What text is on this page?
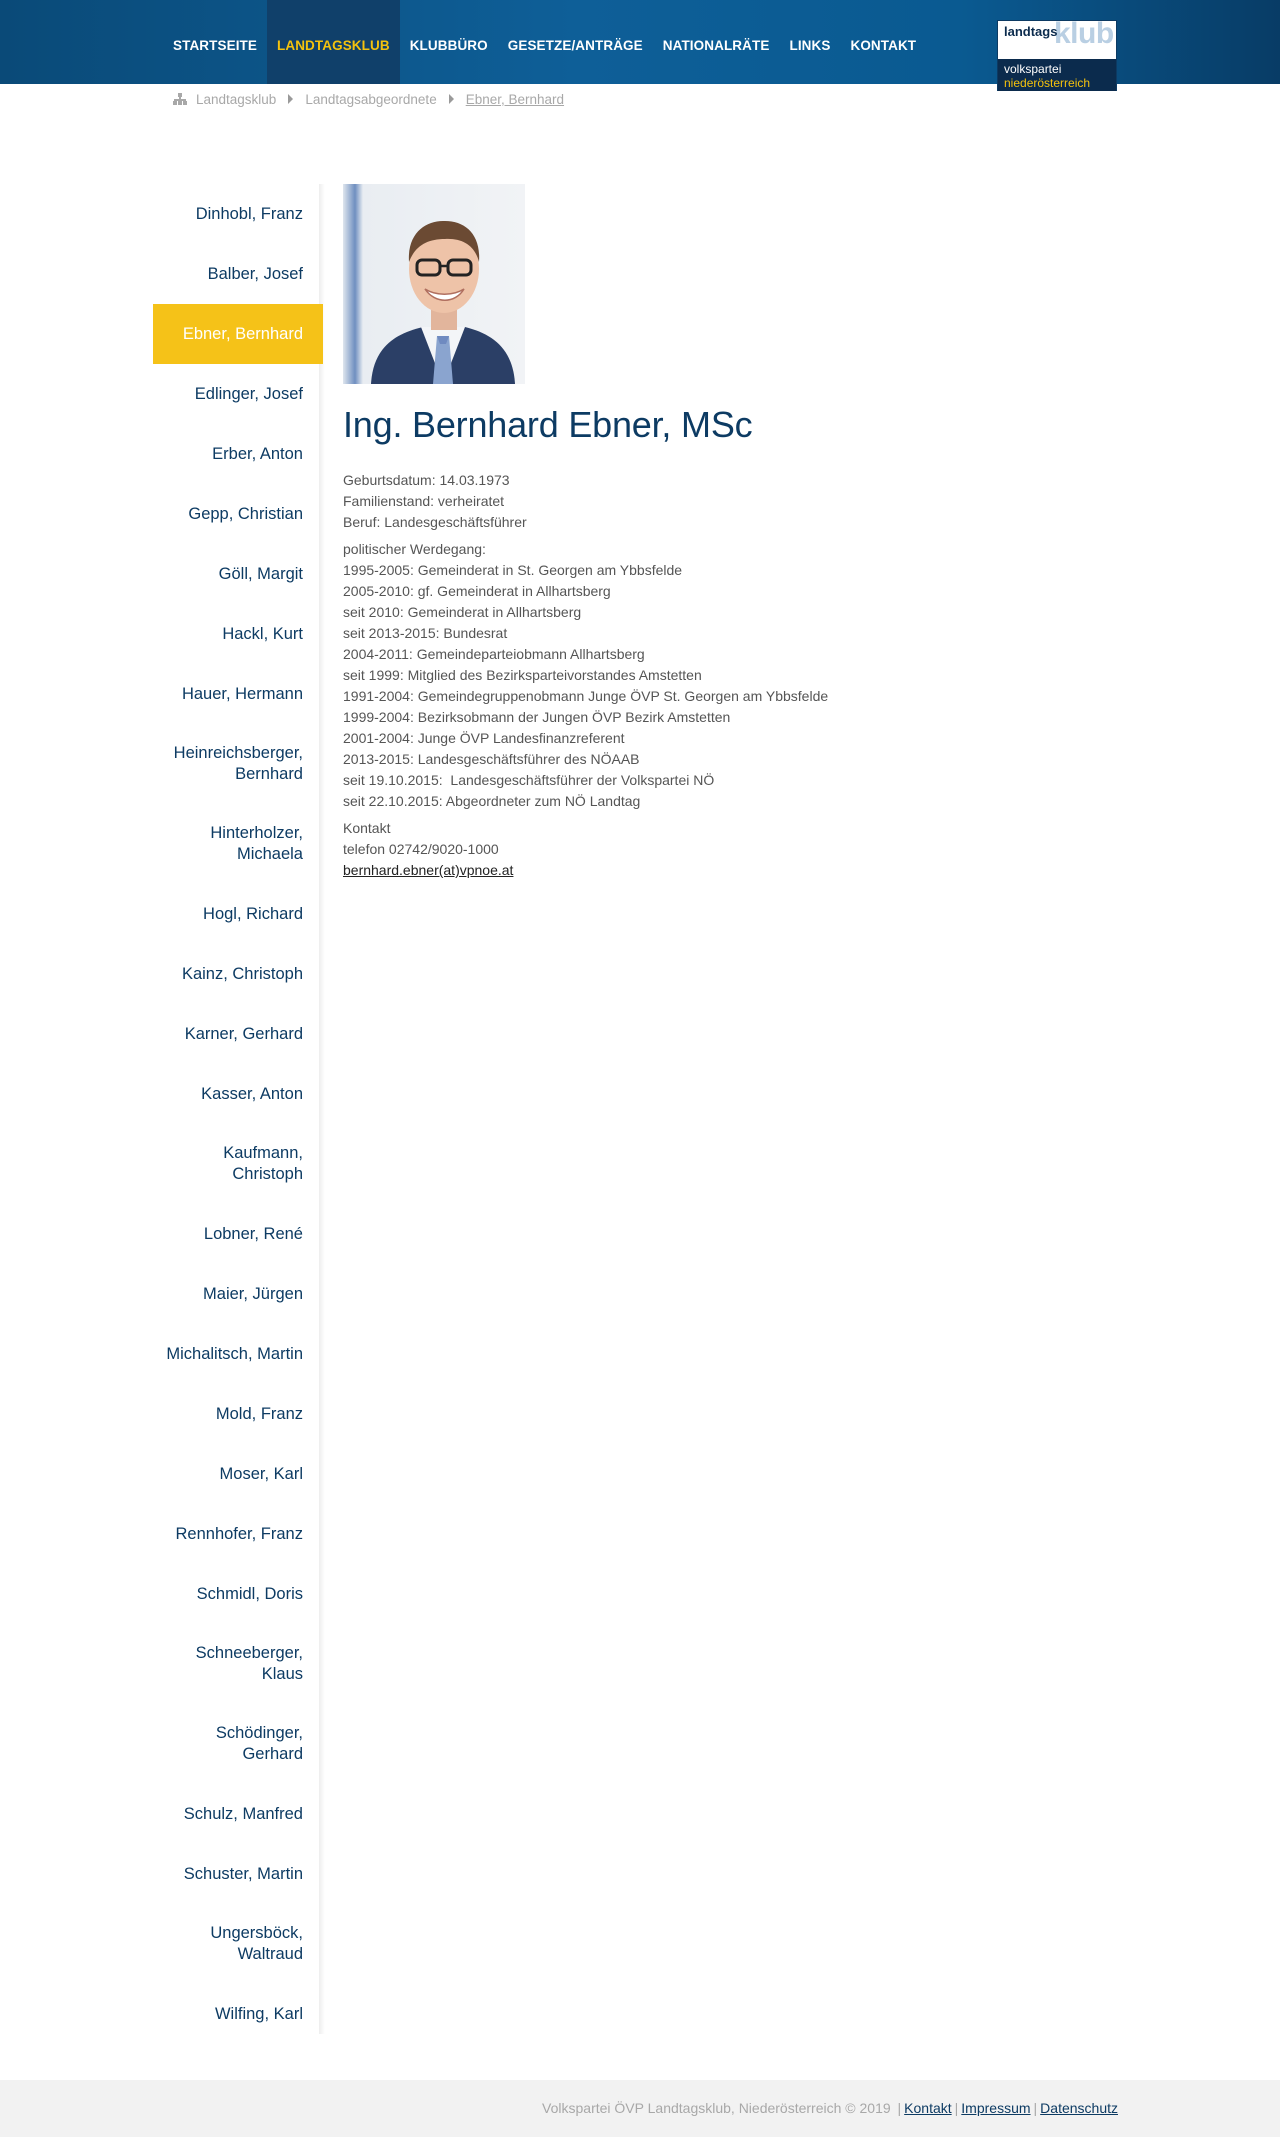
STARTSEITE	LANDTAGSKLUB	KLUBBÜRO	GESETZE/ANTRÄGE	NATIONALRÄTE	LINKS	KONTAKT	klub
landtags
volkspartei
niederösterreich
Landtagsklub Landtagsabgeordnete Ebner, Bernhard
Dinhobl, Franz
Balber, Josef
Ebner, Bernhard
Edlinger, Josef
Erber, Anton
Gepp, Christian
Göll, Margit
Hackl, Kurt
Hauer, Hermann
Heinreichsberger, Bernhard
Hinterholzer, Michaela
Hogl, Richard
Kainz, Christoph
Karner, Gerhard
Kasser, Anton
Kaufmann, Christoph
Lobner, René
Maier, Jürgen
Michalitsch, Martin
Mold, Franz
Moser, Karl
Rennhofer, Franz
Schmidl, Doris
Schneeberger, Klaus
Schödinger, Gerhard
Schulz, Manfred
Schuster, Martin
Ungersböck, Waltraud
Wilfing, Karl
Ing. Bernhard Ebner, MSc

Geburtsdatum: 14.03.1973

Familienstand: verheiratet

Beruf: Landesgeschäftsführer

politischer Werdegang:

1995-2005: Gemeinderat in St. Georgen am Ybbsfelde

2005-2010: gf. Gemeinderat in Allhartsberg

seit 2010: Gemeinderat in Allhartsberg

seit 2013-2015: Bundesrat

2004-2011: Gemeindeparteiobmann Allhartsberg

seit 1999: Mitglied des Bezirksparteivorstandes Amstetten

1991-2004: Gemeindegruppenobmann Junge ÖVP St. Georgen am Ybbsfelde

1999-2004: Bezirksobmann der Jungen ÖVP Bezirk Amstetten

2001-2004: Junge ÖVP Landesfinanzreferent

2013-2015: Landesgeschäftsführer des NÖAAB

seit 19.10.2015:  Landesgeschäftsführer der Volkspartei NÖ

seit 22.10.2015: Abgeordneter zum NÖ Landtag

Kontakt

telefon 02742/9020-1000

bernhard.ebner(at)vpnoe.at

Volkspartei ÖVP Landtagsklub, Niederösterreich © 2019 | Kontakt | Impressum | Datenschutz
